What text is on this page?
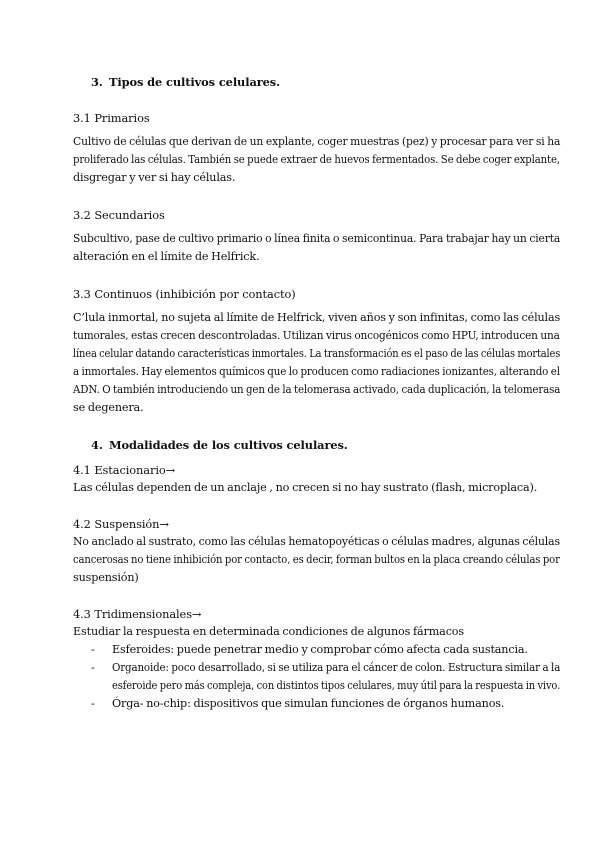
3. Tipos de cultivos celulares.
3.1 Primarios
Cultivo de células que derivan de un explante, coger muestras (pez) y procesar para ver si ha
proliferado las células. También se puede extraer de huevos fermentados. Se debe coger explante,
disgregar y ver si hay células.
3.2 Secundarios
Subcultivo, pase de cultivo primario o línea finita o semicontinua. Para trabajar hay un cierta
alteración en el límite de Helfrick.
3.3 Continuos (inhibición por contacto)
C’lula inmortal, no sujeta al límite de Helfrick, viven años y son infinitas, como las células
tumorales, estas crecen descontroladas. Utilizan virus oncogénicos como HPU, introducen una
línea celular datando características inmortales. La transformación es el paso de las células mortales
a inmortales. Hay elementos químicos que lo producen como radiaciones ionizantes, alterando el
ADN. O también introduciendo un gen de la telomerasa activado, cada duplicación, la telomerasa
se degenera.
4. Modalidades de los cultivos celulares.
4.1 Estacionario→
Las células dependen de un anclaje , no crecen si no hay sustrato (flash, microplaca).
4.2 Suspensión→
No anclado al sustrato, como las células hematopoyéticas o células madres, algunas células
cancerosas no tiene inhibición por contacto, es decir, forman bultos en la placa creando células por
suspensión)
4.3 Tridimensionales→
Estudiar la respuesta en determinada condiciones de algunos fármacos
- Esferoides: puede penetrar medio y comprobar cómo afecta cada sustancia.
- Organoide: poco desarrollado, si se utiliza para el cáncer de colon. Estructura similar a la
esferoide pero más compleja, con distintos tipos celulares, muy útil para la respuesta in vivo.
- Órga- no-chip: dispositivos que simulan funciones de órganos humanos.
